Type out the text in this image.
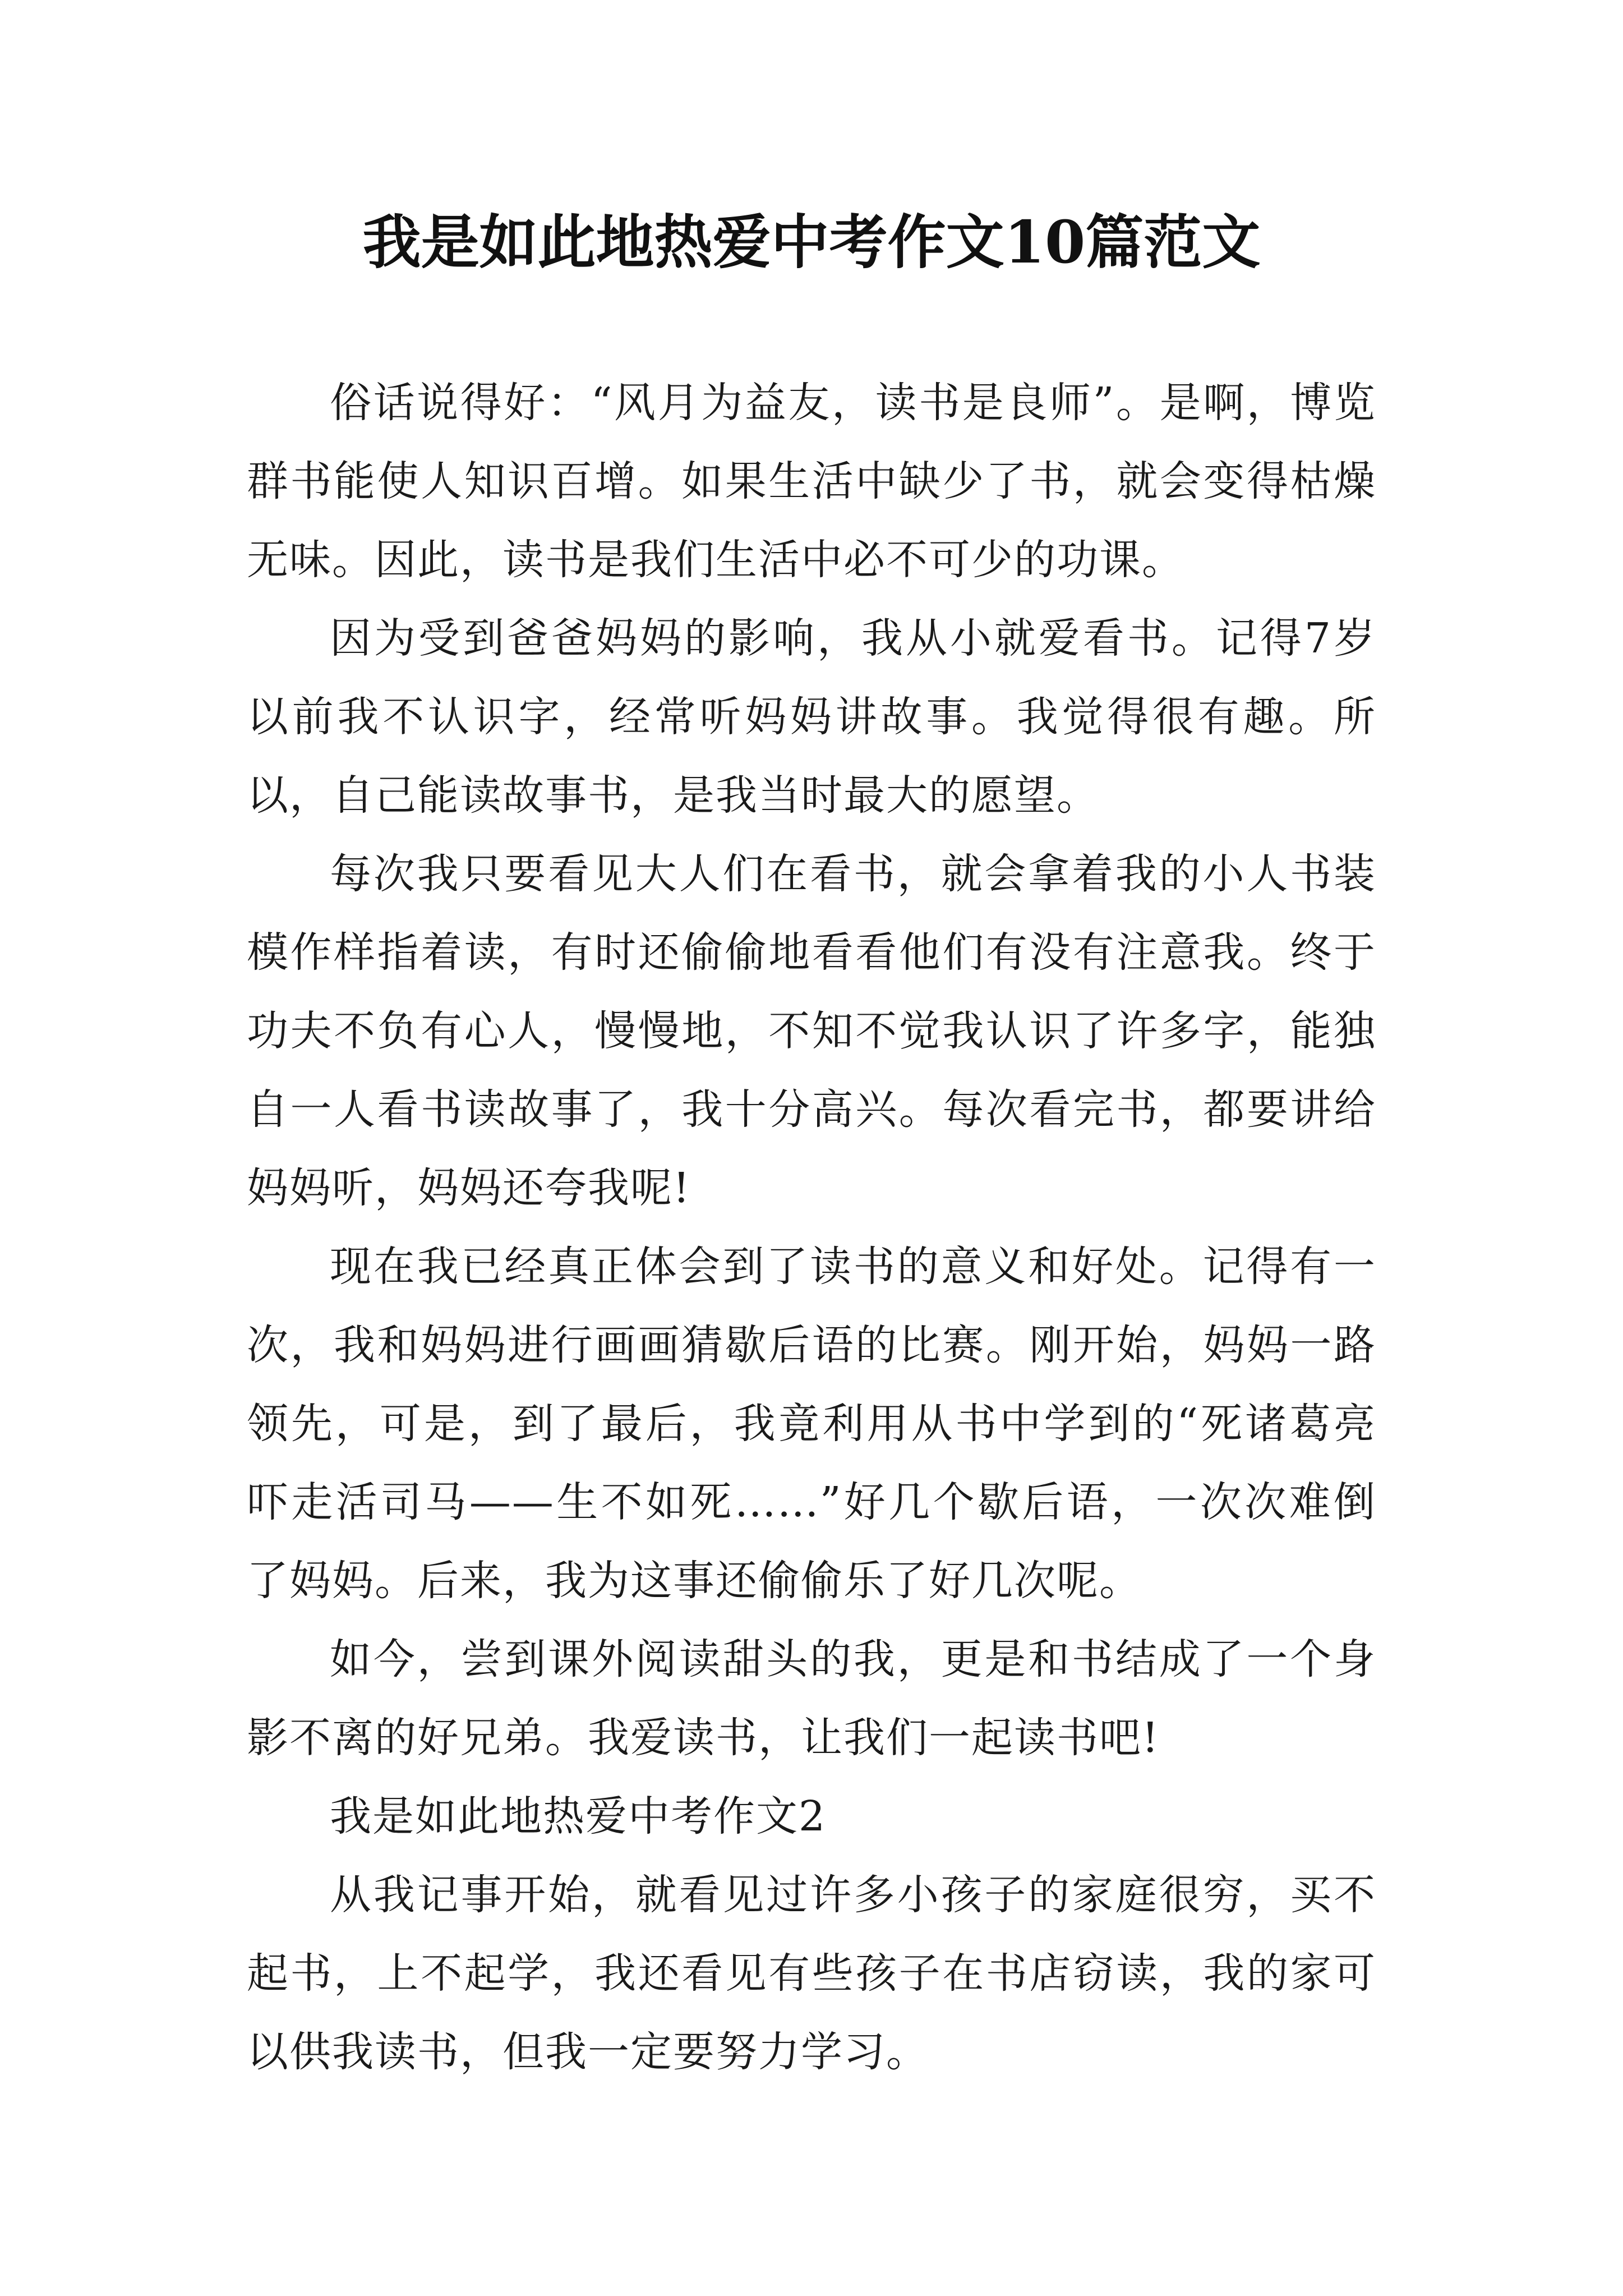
我是如此地热爱中考作文10篇范文

俗话说得好：“风月为益友，读书是良师”。是啊，博览群书能使人知识百增。如果生活中缺少了书，就会变得枯燥无味。因此，读书是我们生活中必不可少的功课。

因为受到爸爸妈妈的影响，我从小就爱看书。记得7岁以前我不认识字，经常听妈妈讲故事。我觉得很有趣。所以，自己能读故事书，是我当时最大的愿望。

每次我只要看见大人们在看书，就会拿着我的小人书装模作样指着读，有时还偷偷地看看他们有没有注意我。终于功夫不负有心人，慢慢地，不知不觉我认识了许多字，能独自一人看书读故事了，我十分高兴。每次看完书，都要讲给妈妈听，妈妈还夸我呢!

现在我已经真正体会到了读书的意义和好处。记得有一次，我和妈妈进行画画猜歇后语的比赛。刚开始，妈妈一路领先，可是，到了最后，我竟利用从书中学到的“死诸葛亮吓走活司马——生不如死……”好几个歇后语，一次次难倒了妈妈。后来，我为这事还偷偷乐了好几次呢。

如今，尝到课外阅读甜头的我，更是和书结成了一个身影不离的好兄弟。我爱读书，让我们一起读书吧!

我是如此地热爱中考作文2

从我记事开始，就看见过许多小孩子的家庭很穷，买不起书，上不起学，我还看见有些孩子在书店窃读，我的家可以供我读书，但我一定要努力学习。
